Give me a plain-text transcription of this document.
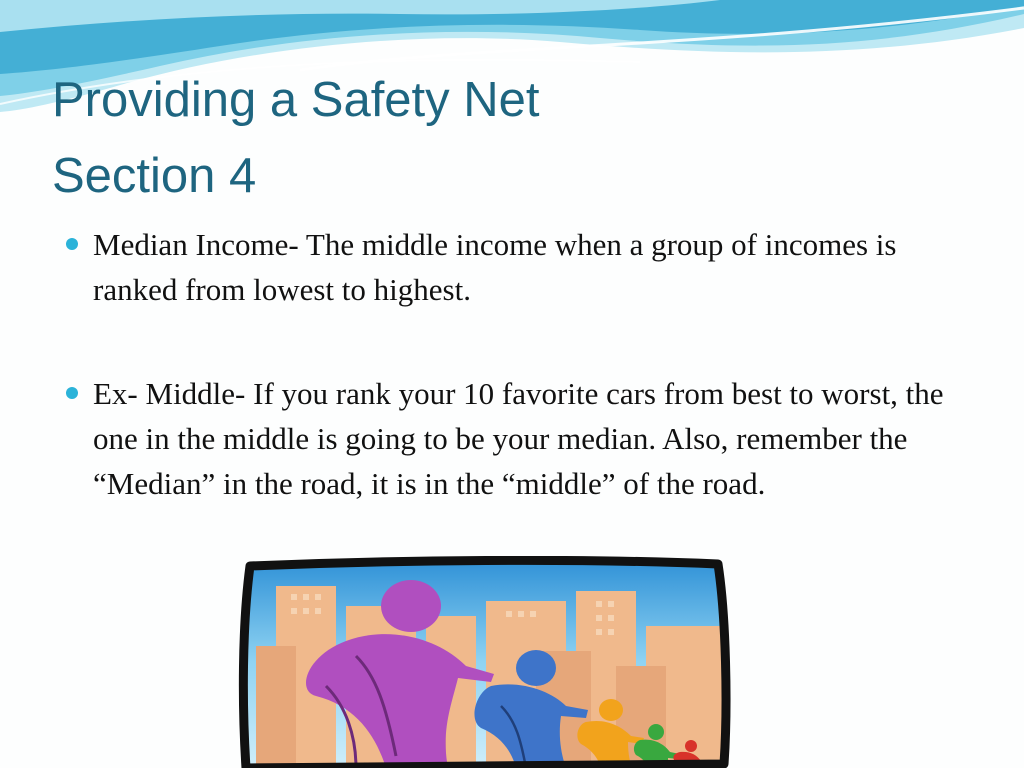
Providing a Safety Net
Section 4
Median Income- The middle income when a group of incomes is ranked from lowest to highest.
Ex- Middle- If you rank your 10 favorite cars from best to worst, the one in the middle is going to be your median. Also, remember the “Median” in the road, it is in the “middle” of the road.
